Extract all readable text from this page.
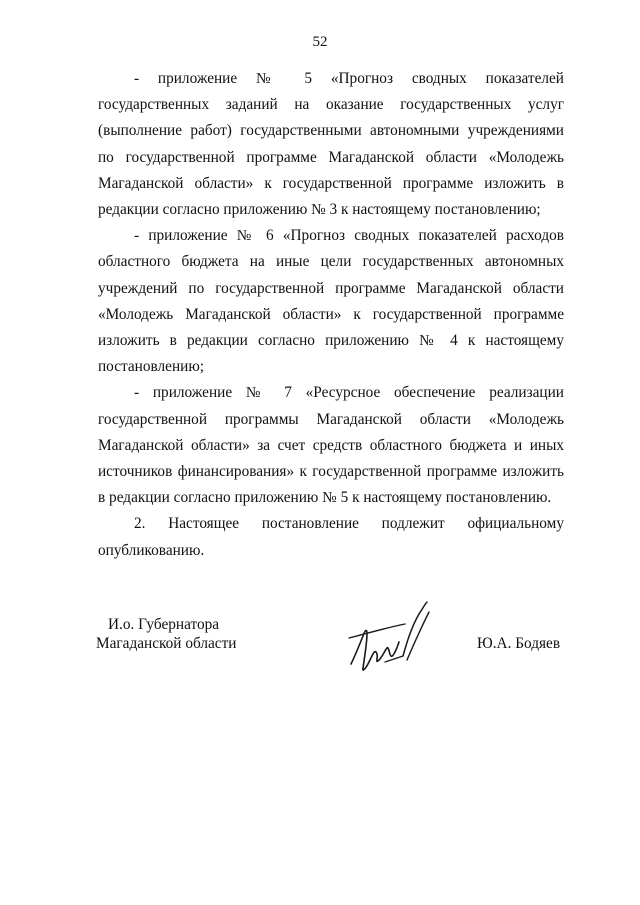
52

- приложение № 5 «Прогноз сводных показателей государственных заданий на оказание государственных услуг (выполнение работ) государственными автономными учреждениями по государственной программе Магаданской области «Молодежь Магаданской области» к государственной программе изложить в редакции согласно приложению № 3 к настоящему постановлению;

- приложение № 6 «Прогноз сводных показателей расходов областного бюджета на иные цели государственных автономных учреждений по государственной программе Магаданской области «Молодежь Магаданской области» к государственной программе изложить в редакции согласно приложению № 4 к настоящему постановлению;

- приложение № 7 «Ресурсное обеспечение реализации государственной программы Магаданской области «Молодежь Магаданской области» за счет средств областного бюджета и иных источников финансирования» к государственной программе изложить в редакции согласно приложению № 5 к настоящему постановлению.

2. Настоящее постановление подлежит официальному опубликованию.

И.о. Губернатора
Магаданской области	Ю.А. Бодяев
